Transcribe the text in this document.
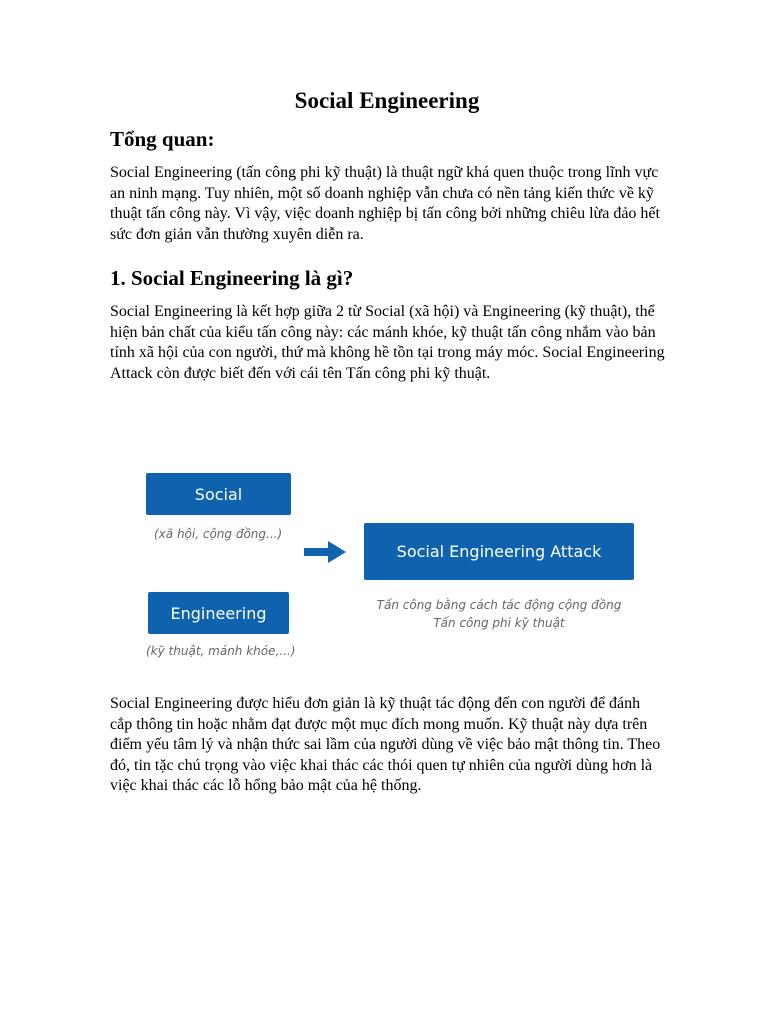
Social Engineering
Tổng quan:

Social Engineering (tấn công phi kỹ thuật) là thuật ngữ khá quen thuộc trong lĩnh vực an ninh mạng. Tuy nhiên, một số doanh nghiệp vẫn chưa có nền tảng kiến thức về kỹ thuật tấn công này. Vì vậy, việc doanh nghiệp bị tấn công bởi những chiêu lừa đảo hết sức đơn giản vẫn thường xuyên diễn ra.

1. Social Engineering là gì?

Social Engineering là kết hợp giữa 2 từ Social (xã hội) và Engineering (kỹ thuật), thể hiện bản chất của kiểu tấn công này: các mánh khóe, kỹ thuật tấn công nhắm vào bản tính xã hội của con người, thứ mà không hề tồn tại trong máy móc. Social Engineering Attack còn được biết đến với cái tên Tấn công phi kỹ thuật.

Social
(xã hội, cộng đồng...)
Engineering
(kỹ thuật, mánh khóe,...)
Social Engineering Attack
Tấn công bằng cách tác động cộng đồng
Tấn công phi kỹ thuật

Social Engineering được hiểu đơn giản là kỹ thuật tác động đến con người để đánh cắp thông tin hoặc nhằm đạt được một mục đích mong muốn. Kỹ thuật này dựa trên điểm yếu tâm lý và nhận thức sai lầm của người dùng về việc bảo mật thông tin. Theo đó, tin tặc chú trọng vào việc khai thác các thói quen tự nhiên của người dùng hơn là việc khai thác các lỗ hổng bảo mật của hệ thống.
